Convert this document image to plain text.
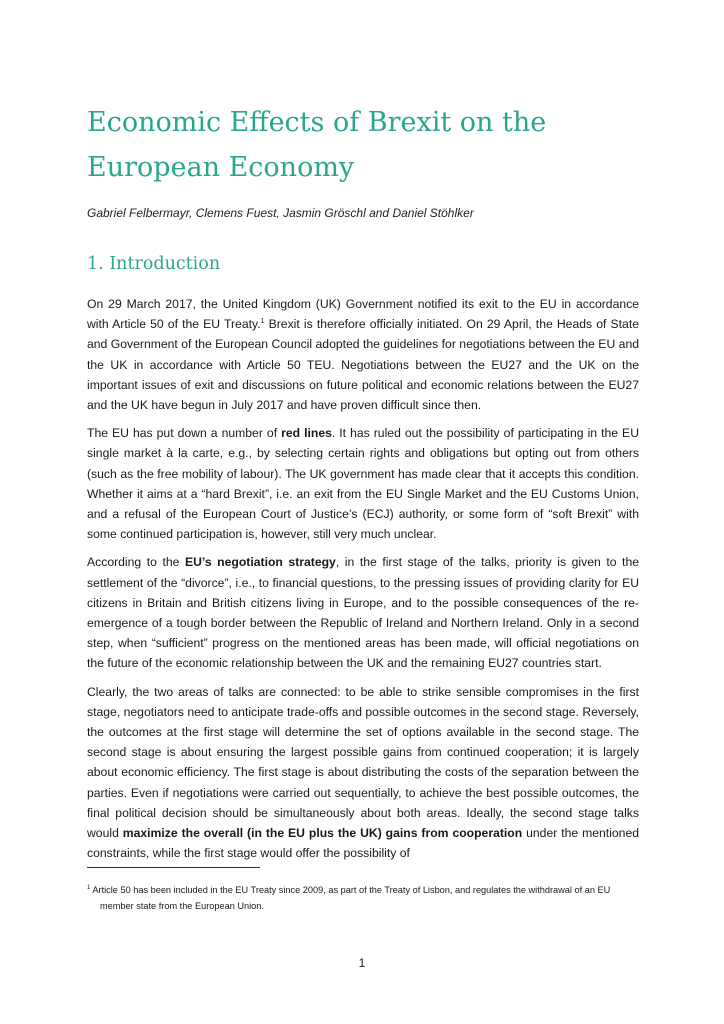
Economic Effects of Brexit on the European Economy

Gabriel Felbermayr, Clemens Fuest, Jasmin Gröschl and Daniel Stöhlker

1. Introduction

On 29 March 2017, the United Kingdom (UK) Government notified its exit to the EU in accordance with Article 50 of the EU Treaty.$^1$ Brexit is therefore officially initiated. On 29 April, the Heads of State and Government of the European Council adopted the guidelines for negotiations between the EU and the UK in accordance with Article 50 TEU. Negotiations between the EU27 and the UK on the important issues of exit and discussions on future political and economic relations between the EU27 and the UK have begun in July 2017 and have proven difficult since then.

The EU has put down a number of red lines. It has ruled out the possibility of participating in the EU single market à la carte, e.g., by selecting certain rights and obligations but opting out from others (such as the free mobility of labour). The UK government has made clear that it accepts this condition. Whether it aims at a “hard Brexit”, i.e. an exit from the EU Single Market and the EU Customs Union, and a refusal of the European Court of Justice’s (ECJ) authority, or some form of “soft Brexit” with some continued participation is, however, still very much unclear.

According to the EU’s negotiation strategy, in the first stage of the talks, priority is given to the settlement of the “divorce”, i.e., to financial questions, to the pressing issues of providing clarity for EU citizens in Britain and British citizens living in Europe, and to the possible consequences of the re-emergence of a tough border between the Republic of Ireland and Northern Ireland. Only in a second step, when “sufficient” progress on the mentioned areas has been made, will official negotiations on the future of the economic relationship between the UK and the remaining EU27 countries start.

Clearly, the two areas of talks are connected: to be able to strike sensible compromises in the first stage, negotiators need to anticipate trade-offs and possible outcomes in the second stage. Reversely, the outcomes at the first stage will determine the set of options available in the second stage. The second stage is about ensuring the largest possible gains from continued cooperation; it is largely about economic efficiency. The first stage is about distributing the costs of the separation between the parties. Even if negotiations were carried out sequentially, to achieve the best possible outcomes, the final political decision should be simultaneously about both areas. Ideally, the second stage talks would maximize the overall (in the EU plus the UK) gains from cooperation under the mentioned constraints, while the first stage would offer the possibility of

$^1$ Article 50 has been included in the EU Treaty since 2009, as part of the Treaty of Lisbon, and regulates the withdrawal of an EU member state from the European Union.
1
